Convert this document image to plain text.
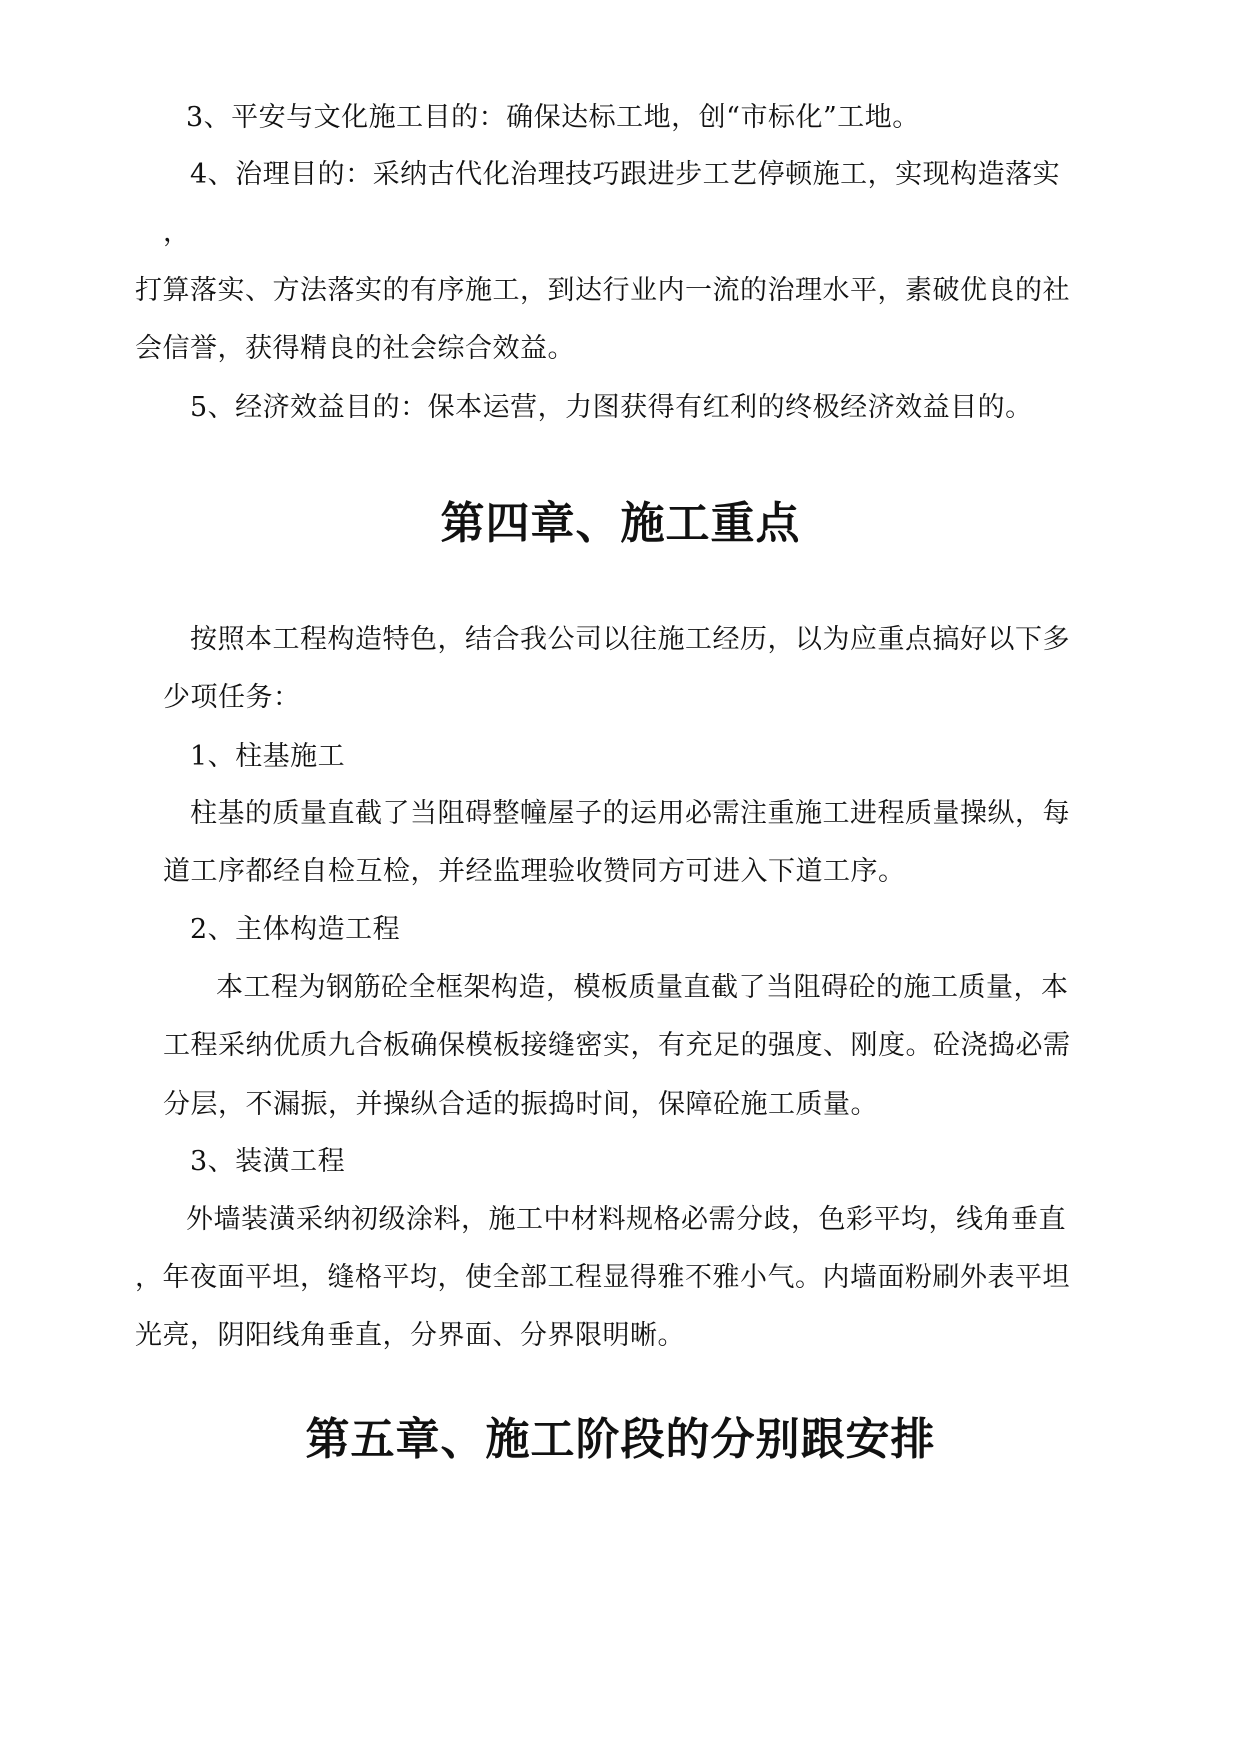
3、平安与文化施工目的：确保达标工地，创“市标化”工地。
4、治理目的：采纳古代化治理技巧跟进步工艺停顿施工，实现构造落实
，
打算落实、方法落实的有序施工，到达行业内一流的治理水平，素破优良的社
会信誉，获得精良的社会综合效益。
5、经济效益目的：保本运营，力图获得有红利的终极经济效益目的。
第四章、施工重点
按照本工程构造特色，结合我公司以往施工经历，以为应重点搞好以下多
少项任务：
1、柱基施工
柱基的质量直截了当阻碍整幢屋子的运用必需注重施工进程质量操纵，每
道工序都经自检互检，并经监理验收赞同方可进入下道工序。
2、主体构造工程
本工程为钢筋砼全框架构造，模板质量直截了当阻碍砼的施工质量，本
工程采纳优质九合板确保模板接缝密实，有充足的强度、刚度。砼浇捣必需
分层，不漏振，并操纵合适的振捣时间，保障砼施工质量。
3、装潢工程
外墙装潢采纳初级涂料，施工中材料规格必需分歧，色彩平均，线角垂直
，年夜面平坦，缝格平均，使全部工程显得雅不雅小气。内墙面粉刷外表平坦
光亮，阴阳线角垂直，分界面、分界限明晰。
第五章、施工阶段的分别跟安排
